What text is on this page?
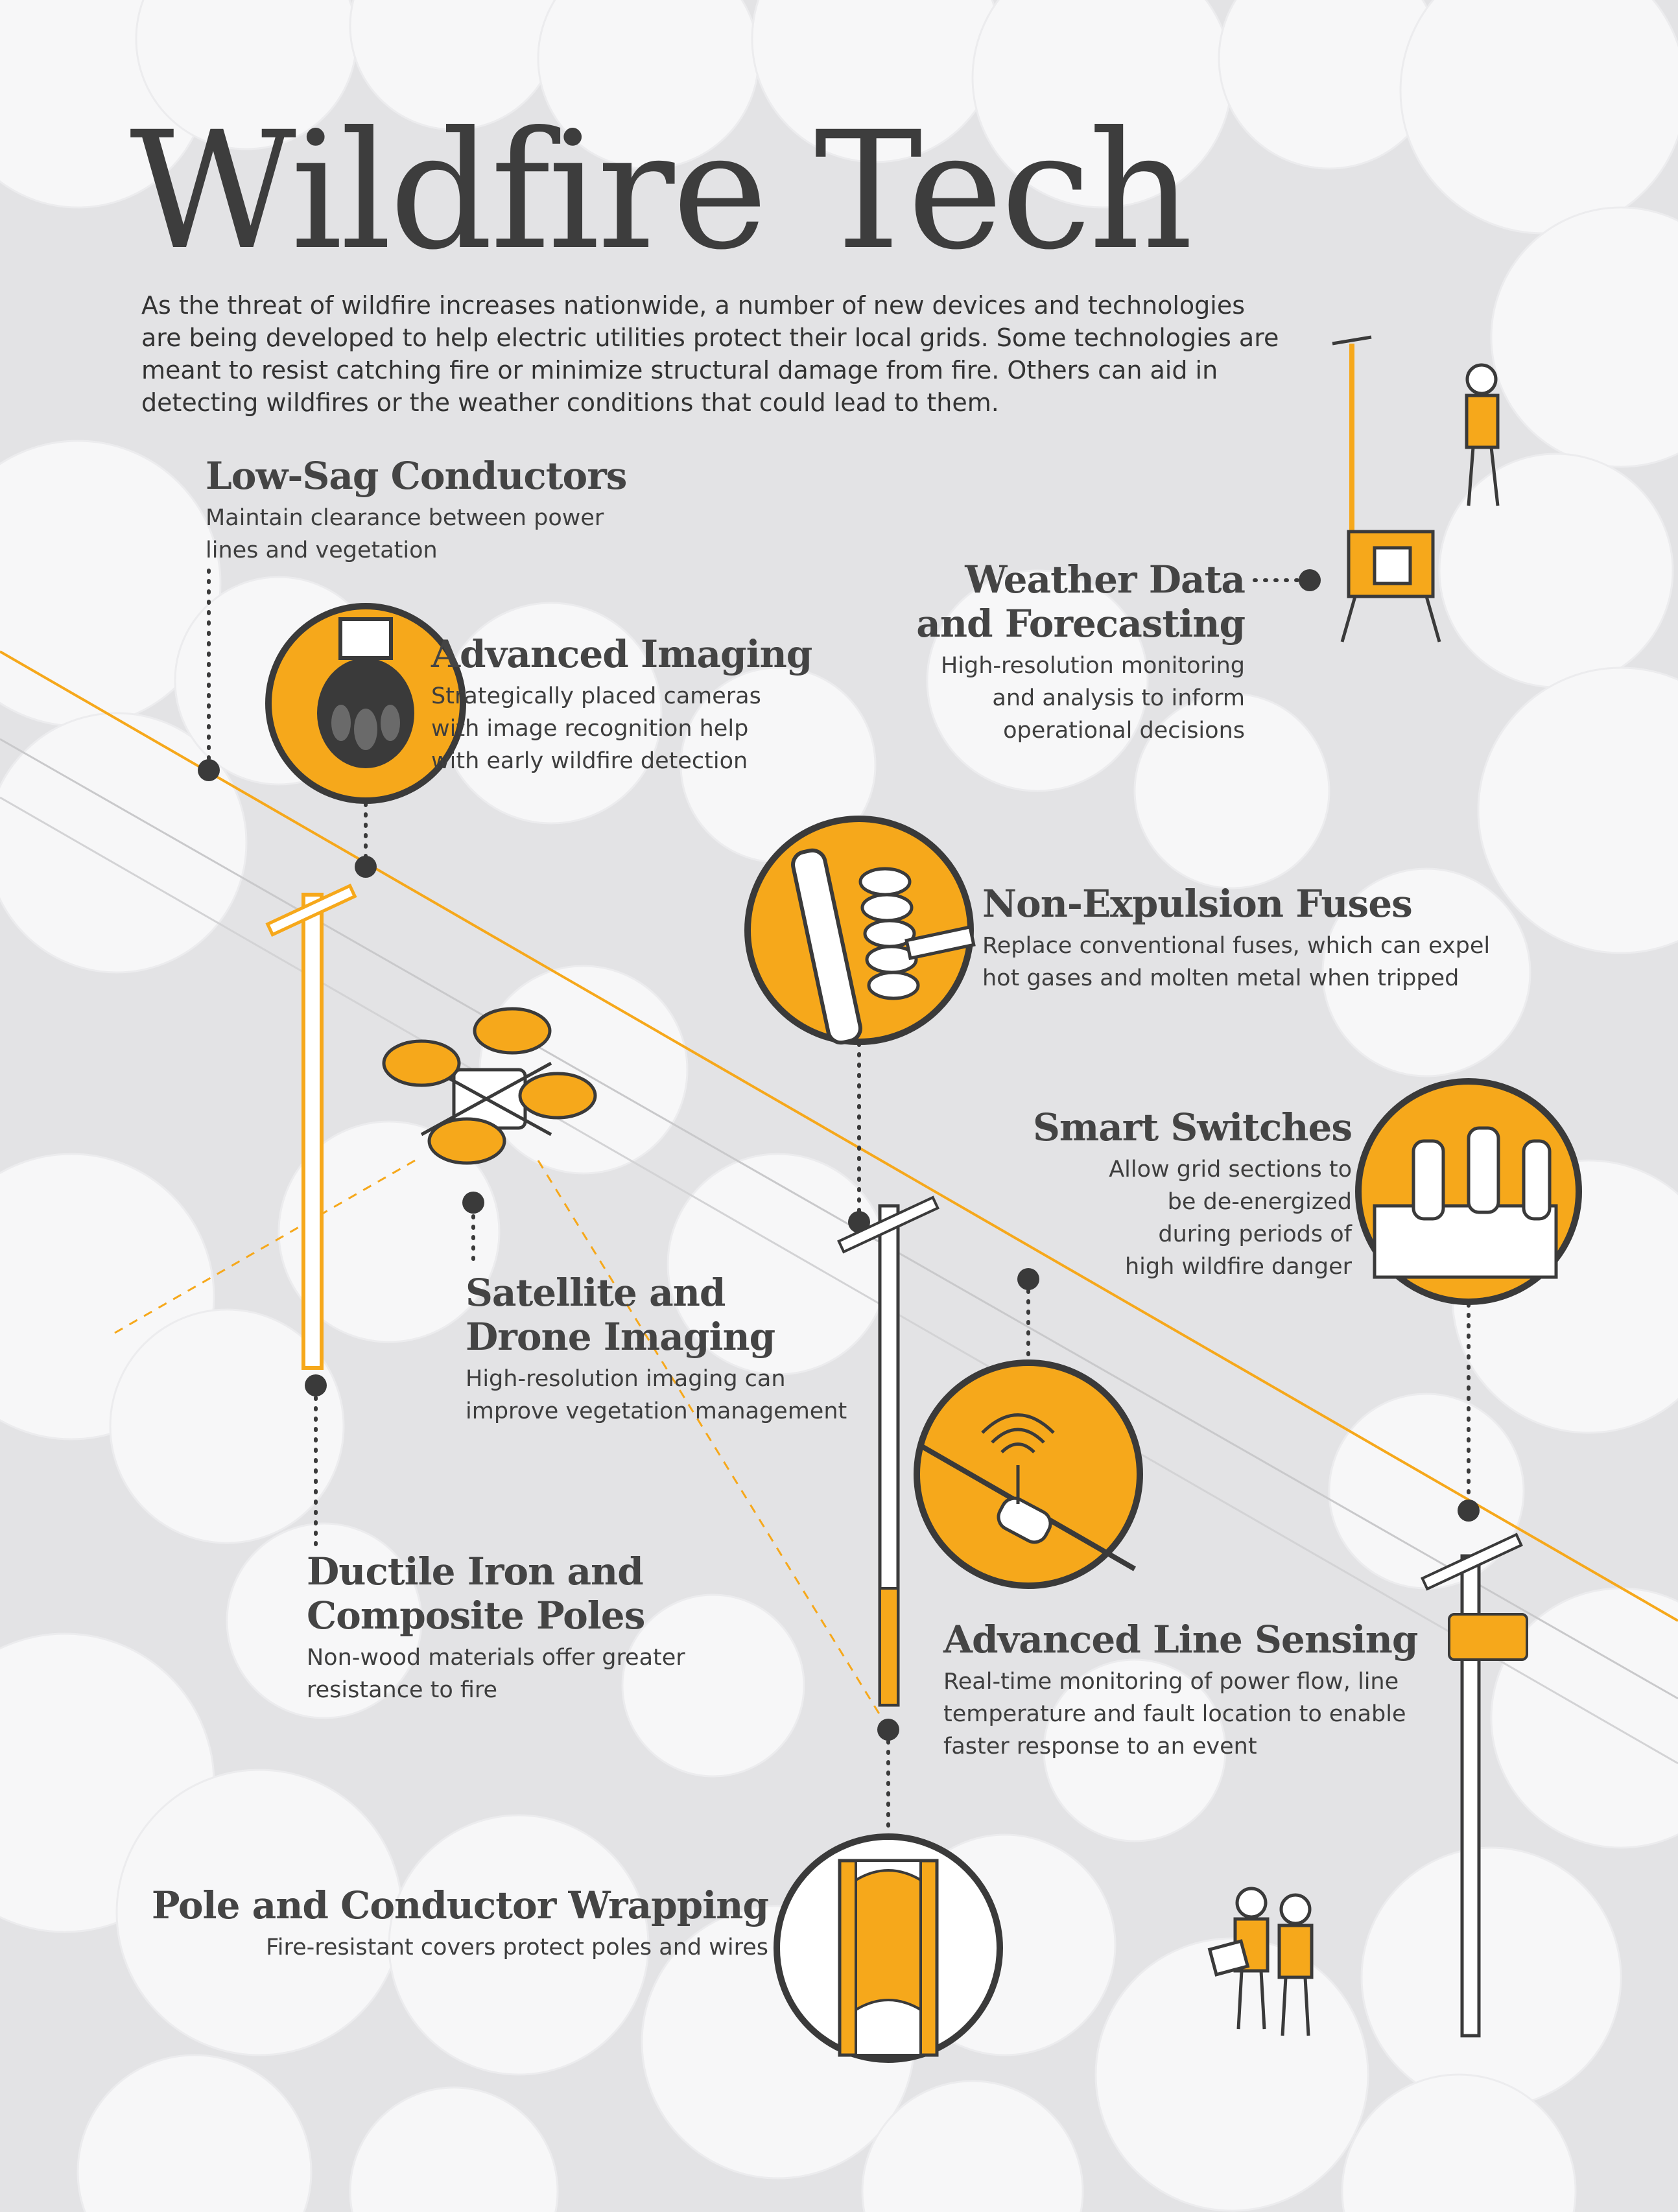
Wildfire Tech

As the threat of wildfire increases nationwide, a number of new devices and technologies are being developed to help electric utilities protect their local grids. Some technologies are meant to resist catching fire or minimize structural damage from fire. Others can aid in detecting wildfires or the weather conditions that could lead to them.

Low-Sag Conductors

Maintain clearance between power lines and vegetation

Advanced Imaging

Strategically placed cameras with image recognition help with early wildfire detection

Weather Data and Forecasting

High-resolution monitoring and analysis to inform operational decisions

Non-Expulsion Fuses

Replace conventional fuses, which can expel hot gases and molten metal when tripped

Smart Switches

Allow grid sections to be de-energized during periods of high wildfire danger

Satellite and Drone Imaging

High-resolution imaging can improve vegetation management

Ductile Iron and Composite Poles

Non-wood materials offer greater resistance to fire

Advanced Line Sensing

Real-time monitoring of power flow, line temperature and fault location to enable faster response to an event

Pole and Conductor Wrapping

Fire-resistant covers protect poles and wires
